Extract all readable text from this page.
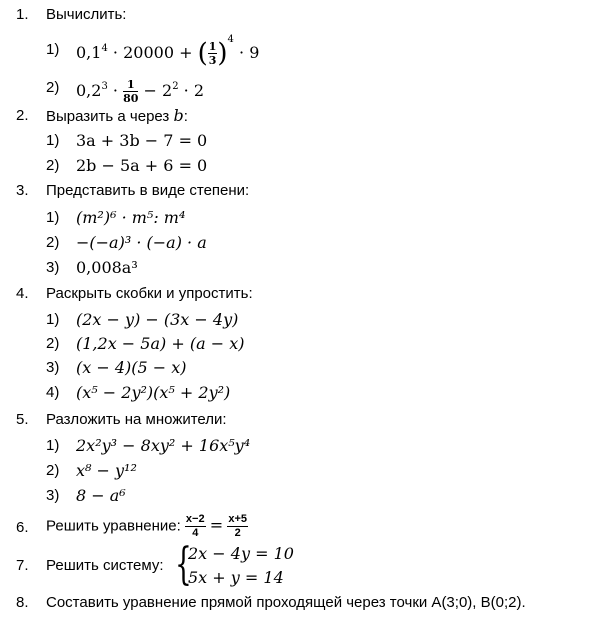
1. Вычислить:
1) $0,1^4 \cdot 20000$ + ( $\frac{1}{3} )^4 \cdot 9$
2) $0,2^3 \cdot \frac{1}{80} - 2^2 \cdot 2$
2. Выразить а через b:
1) 3a + 3b − 7 = 0
2) 2b − 5a + 6 = 0
3. Представить в виде степени:
1) (m²)⁶ · m⁵: m⁴
2) −(−a)³ · (−a) · a
3) 0,008a³
4. Раскрыть скобки и упростить:
1) (2x − y) − (3x − 4y)
2) (1,2x − 5a) + (a − x)
3) (x − 4)(5 − x)
4) (x⁵ − 2y²)(x⁵ + 2y²)
5. Разложить на множители:
1) 2x²y³ − 8xy² + 16x⁵y⁴
2) x⁸ − y¹²
3) 8 − a⁶
6. Решить уравнение: $\frac{x-2}{4} = \frac{x+5}{2}$
7. Решить систему: {
2x − 4y = 10
5x + y = 14
8. Составить уравнение прямой проходящей через точки А(3;0), В(0;2).
